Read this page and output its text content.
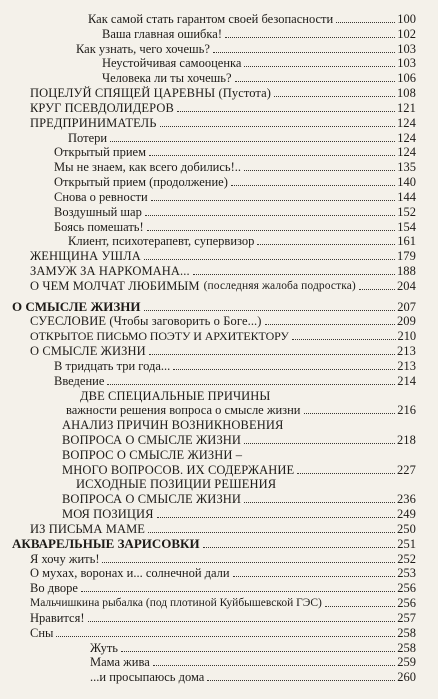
Как самой стать гарантом своей безопасности	100
Ваша главная ошибка!	102
Как узнать, чего хочешь?	103
Неустойчивая самооценка	103
Человека ли ты хочешь?	106
ПОЦЕЛУЙ СПЯЩЕЙ ЦАРЕВНЫ (Пустота)	108
КРУГ ПСЕВДОЛИДЕРОВ	121
ПРЕДПРИНИМАТЕЛЬ	124
Потери	124
Открытый прием	124
Мы не знаем, как всего добились!..	135
Открытый прием (продолжение)	140
Снова о ревности	144
Воздушный шар	152
Боясь помешать!	154
Клиент, психотерапевт, супервизор	161
ЖЕНЩИНА УШЛА	179
ЗАМУЖ ЗА НАРКОМАНА...	188
О ЧЕМ МОЛЧАТ ЛЮБИМЫМ (последняя жалоба подростка)	204
О СМЫСЛЕ ЖИЗНИ	207
СУЕСЛОВИЕ (Чтобы заговорить о Боге...)	209
ОТКРЫТОЕ ПИСЬМО ПОЭТУ И АРХИТЕКТОРУ	210
О СМЫСЛЕ ЖИЗНИ	213
В тридцать три года...	213
Введение	214
ДВЕ СПЕЦИАЛЬНЫЕ ПРИЧИНЫ
важности решения вопроса о смысле жизни	216
АНАЛИЗ ПРИЧИН ВОЗНИКНОВЕНИЯ
ВОПРОСА О СМЫСЛЕ ЖИЗНИ	218
ВОПРОС О СМЫСЛЕ ЖИЗНИ –
МНОГО ВОПРОСОВ. ИХ СОДЕРЖАНИЕ	227
ИСХОДНЫЕ ПОЗИЦИИ РЕШЕНИЯ
ВОПРОСА О СМЫСЛЕ ЖИЗНИ	236
МОЯ ПОЗИЦИЯ	249
ИЗ ПИСЬМА МАМЕ	250
АКВАРЕЛЬНЫЕ ЗАРИСОВКИ	251
Я хочу жить!	252
О мухах, воронах и... солнечной дали	253
Во дворе	256
Мальчишкина рыбалка (под плотиной Куйбышевской ГЭС)	256
Нравится!	257
Сны	258
Жуть	258
Мама жива	259
...и просыпаюсь дома	260
